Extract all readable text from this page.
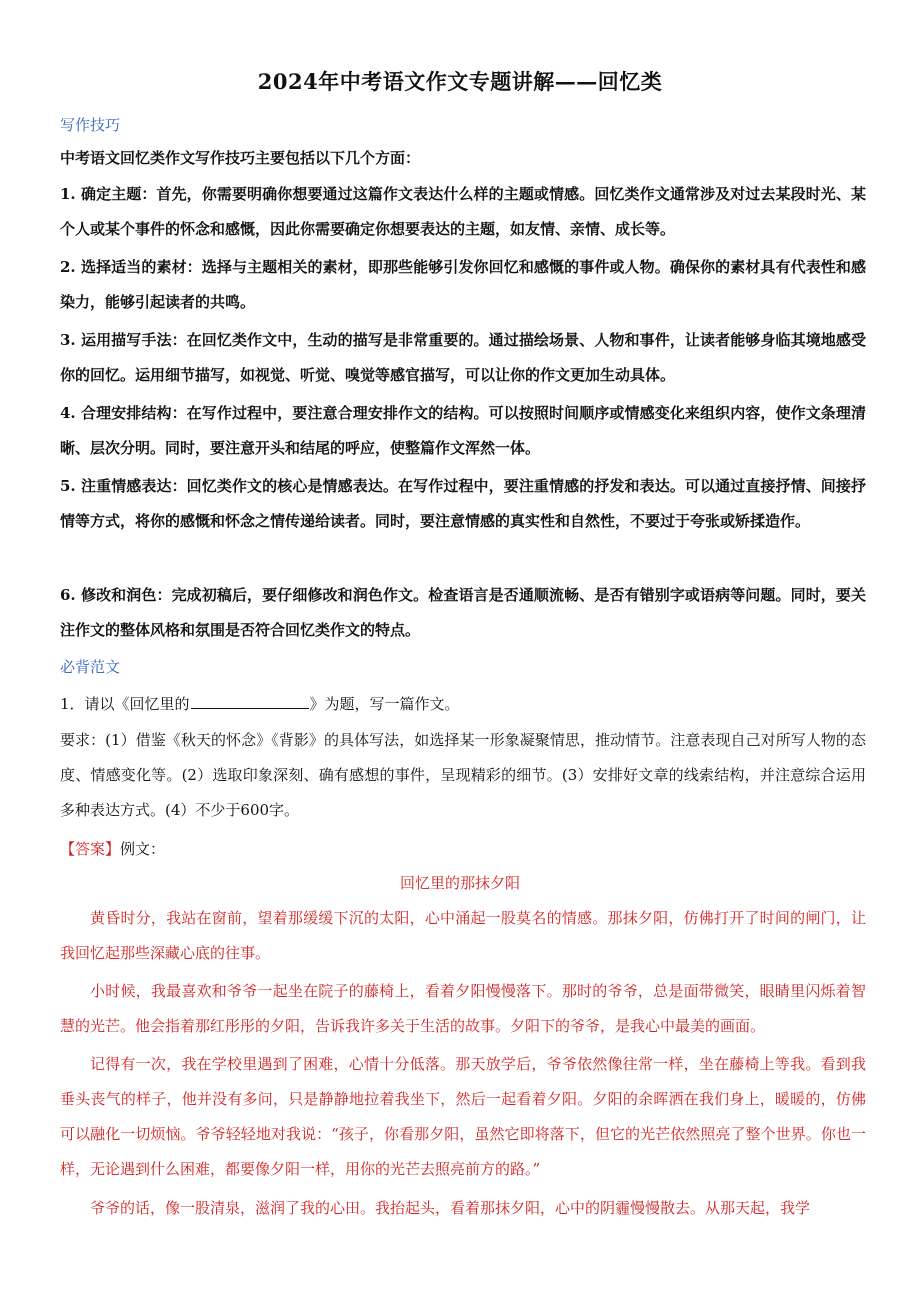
2024年中考语文作文专题讲解——回忆类
写作技巧
中考语文回忆类作文写作技巧主要包括以下几个方面：
1. 确定主题：首先，你需要明确你想要通过这篇作文表达什么样的主题或情感。回忆类作文通常涉及对过去某段时光、某个人或某个事件的怀念和感慨，因此你需要确定你想要表达的主题，如友情、亲情、成长等。
2. 选择适当的素材：选择与主题相关的素材，即那些能够引发你回忆和感慨的事件或人物。确保你的素材具有代表性和感染力，能够引起读者的共鸣。
3. 运用描写手法：在回忆类作文中，生动的描写是非常重要的。通过描绘场景、人物和事件，让读者能够身临其境地感受你的回忆。运用细节描写，如视觉、听觉、嗅觉等感官描写，可以让你的作文更加生动具体。
4. 合理安排结构：在写作过程中，要注意合理安排作文的结构。可以按照时间顺序或情感变化来组织内容，使作文条理清晰、层次分明。同时，要注意开头和结尾的呼应，使整篇作文浑然一体。
5. 注重情感表达：回忆类作文的核心是情感表达。在写作过程中，要注重情感的抒发和表达。可以通过直接抒情、间接抒情等方式，将你的感慨和怀念之情传递给读者。同时，要注意情感的真实性和自然性，不要过于夸张或矫揉造作。
6. 修改和润色：完成初稿后，要仔细修改和润色作文。检查语言是否通顺流畅、是否有错别字或语病等问题。同时，要关注作文的整体风格和氛围是否符合回忆类作文的特点。
必背范文
1．请以《回忆里的	》为题，写一篇作文。
要求：(1）借鉴《秋天的怀念》《背影》的具体写法，如选择某一形象凝聚情思，推动情节。注意表现自己对所写人物的态度、情感变化等。(2）选取印象深刻、确有感想的事件，呈现精彩的细节。(3）安排好文章的线索结构，并注意综合运用多种表达方式。(4）不少于600字。
【答案】例文：
回忆里的那抹夕阳
黄昏时分，我站在窗前，望着那缓缓下沉的太阳，心中涌起一股莫名的情感。那抹夕阳，仿佛打开了时间的闸门，让我回忆起那些深藏心底的往事。
小时候，我最喜欢和爷爷一起坐在院子的藤椅上，看着夕阳慢慢落下。那时的爷爷，总是面带微笑，眼睛里闪烁着智慧的光芒。他会指着那红彤彤的夕阳，告诉我许多关于生活的故事。夕阳下的爷爷，是我心中最美的画面。
记得有一次，我在学校里遇到了困难，心情十分低落。那天放学后，爷爷依然像往常一样，坐在藤椅上等我。看到我垂头丧气的样子，他并没有多问，只是静静地拉着我坐下，然后一起看着夕阳。夕阳的余晖洒在我们身上，暖暖的，仿佛可以融化一切烦恼。爷爷轻轻地对我说：“孩子，你看那夕阳，虽然它即将落下，但它的光芒依然照亮了整个世界。你也一样，无论遇到什么困难，都要像夕阳一样，用你的光芒去照亮前方的路。”
爷爷的话，像一股清泉，滋润了我的心田。我抬起头，看着那抹夕阳，心中的阴霾慢慢散去。从那天起，我学
